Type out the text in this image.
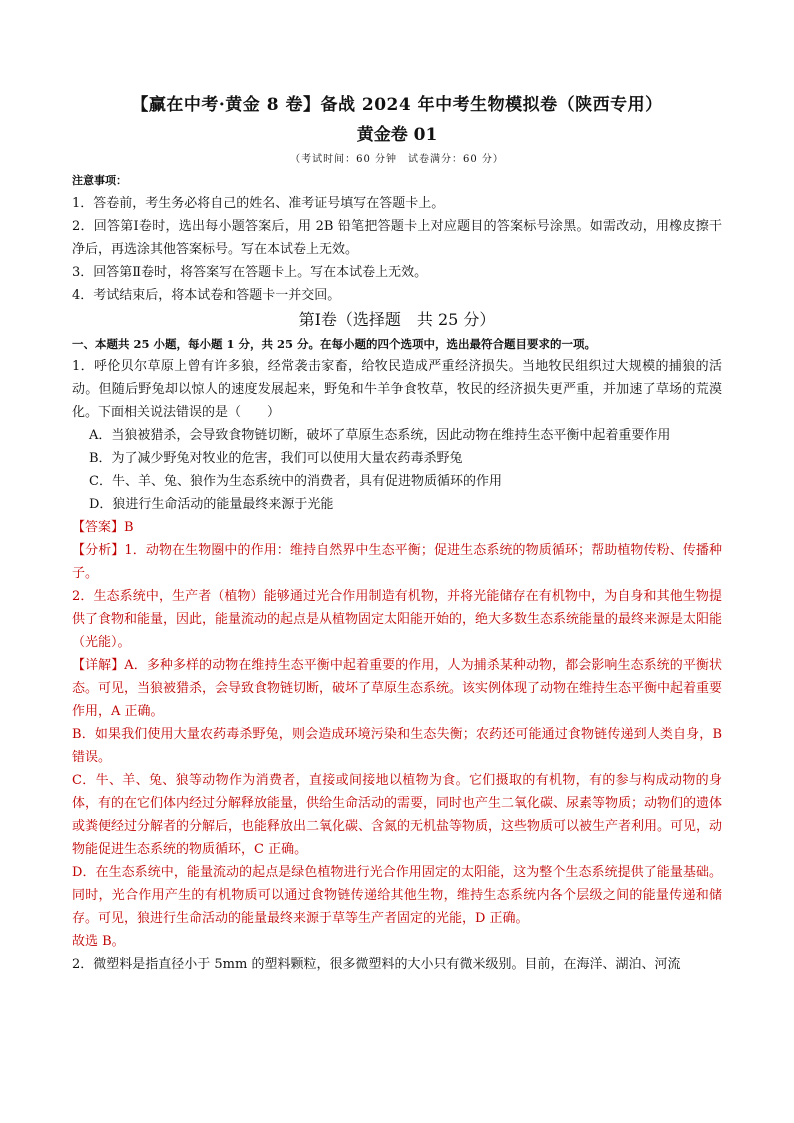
【赢在中考·黄金 8 卷】备战 2024 年中考生物模拟卷（陕西专用）
黄金卷 01
（考试时间：60 分钟　试卷满分：60 分）
注意事项：

1．答卷前，考生务必将自己的姓名、准考证号填写在答题卡上。

2．回答第Ⅰ卷时，选出每小题答案后，用 2B 铅笔把答题卡上对应题目的答案标号涂黑。如需改动，用橡皮擦干净后，再选涂其他答案标号。写在本试卷上无效。

3．回答第Ⅱ卷时，将答案写在答题卡上。写在本试卷上无效。

4．考试结束后，将本试卷和答题卡一并交回。

第Ⅰ卷（选择题　共 25 分）
一、本题共 25 小题，每小题 1 分，共 25 分。在每小题的四个选项中，选出最符合题目要求的一项。

1．呼伦贝尔草原上曾有许多狼，经常袭击家畜，给牧民造成严重经济损失。当地牧民组织过大规模的捕狼的活动。但随后野兔却以惊人的速度发展起来，野兔和牛羊争食牧草，牧民的经济损失更严重，并加速了草场的荒漠化。下面相关说法错误的是（　　）

A．当狼被猎杀，会导致食物链切断，破坏了草原生态系统，因此动物在维持生态平衡中起着重要作用

B．为了减少野兔对牧业的危害，我们可以使用大量农药毒杀野兔

C．牛、羊、兔、狼作为生态系统中的消费者，具有促进物质循环的作用

D．狼进行生命活动的能量最终来源于光能

【答案】B

【分析】1．动物在生物圈中的作用：维持自然界中生态平衡；促进生态系统的物质循环；帮助植物传粉、传播种子。

2．生态系统中，生产者（植物）能够通过光合作用制造有机物，并将光能储存在有机物中，为自身和其他生物提供了食物和能量，因此，能量流动的起点是从植物固定太阳能开始的，绝大多数生态系统能量的最终来源是太阳能（光能）。

【详解】A．多种多样的动物在维持生态平衡中起着重要的作用，人为捕杀某种动物，都会影响生态系统的平衡状态。可见，当狼被猎杀，会导致食物链切断，破坏了草原生态系统。该实例体现了动物在维持生态平衡中起着重要作用，A 正确。

B．如果我们使用大量农药毒杀野兔，则会造成环境污染和生态失衡；农药还可能通过食物链传递到人类自身，B 错误。

C．牛、羊、兔、狼等动物作为消费者，直接或间接地以植物为食。它们摄取的有机物，有的参与构成动物的身体，有的在它们体内经过分解释放能量，供给生命活动的需要，同时也产生二氧化碳、尿素等物质；动物们的遗体或粪便经过分解者的分解后，也能释放出二氧化碳、含氮的无机盐等物质，这些物质可以被生产者利用。可见，动物能促进生态系统的物质循环，C 正确。

D．在生态系统中，能量流动的起点是绿色植物进行光合作用固定的太阳能，这为整个生态系统提供了能量基础。同时，光合作用产生的有机物质可以通过食物链传递给其他生物，维持生态系统内各个层级之间的能量传递和储存。可见，狼进行生命活动的能量最终来源于草等生产者固定的光能，D 正确。

故选 B。

2．微塑料是指直径小于 5mm 的塑料颗粒，很多微塑料的大小只有微米级别。目前，在海洋、湖泊、河流
